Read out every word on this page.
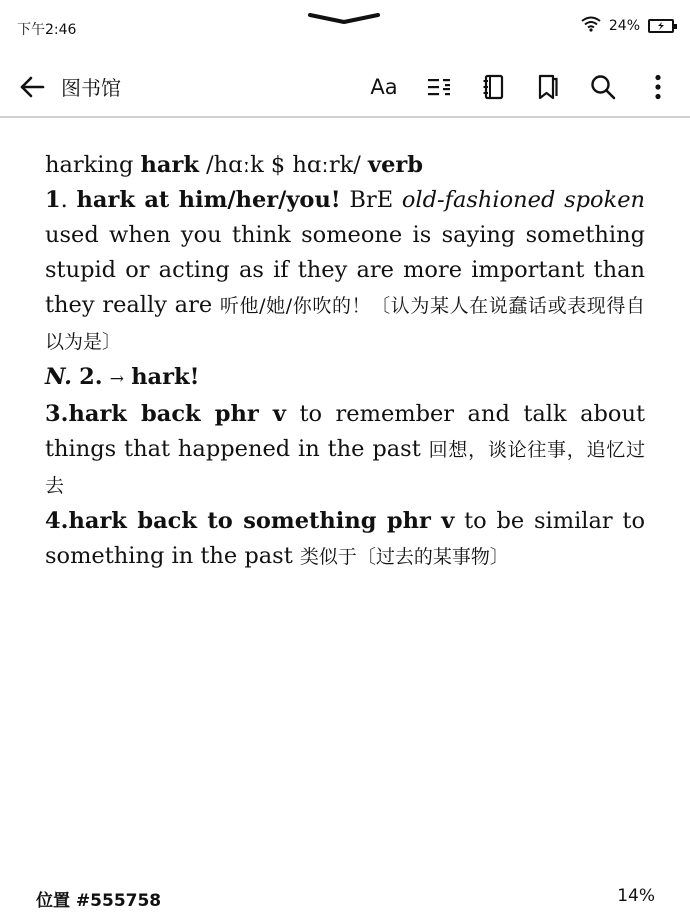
下午2:46	24%
图书馆	Aa

harking hark /hɑːk $ hɑːrk/ verb

1. hark at him/her/you! BrE old-fashioned spoken used when you think someone is saying something stupid or acting as if they are more important than they really are 听他/她/你吹的！〔认为某人在说蠢话或表现得自以为是〕

N. 2. → hark!

3.hark back phr v to remember and talk about things that happened in the past 回想，谈论往事，追忆过去

4.hark back to something phr v to be similar to something in the past 类似于〔过去的某事物〕

位置 #555758	14%
